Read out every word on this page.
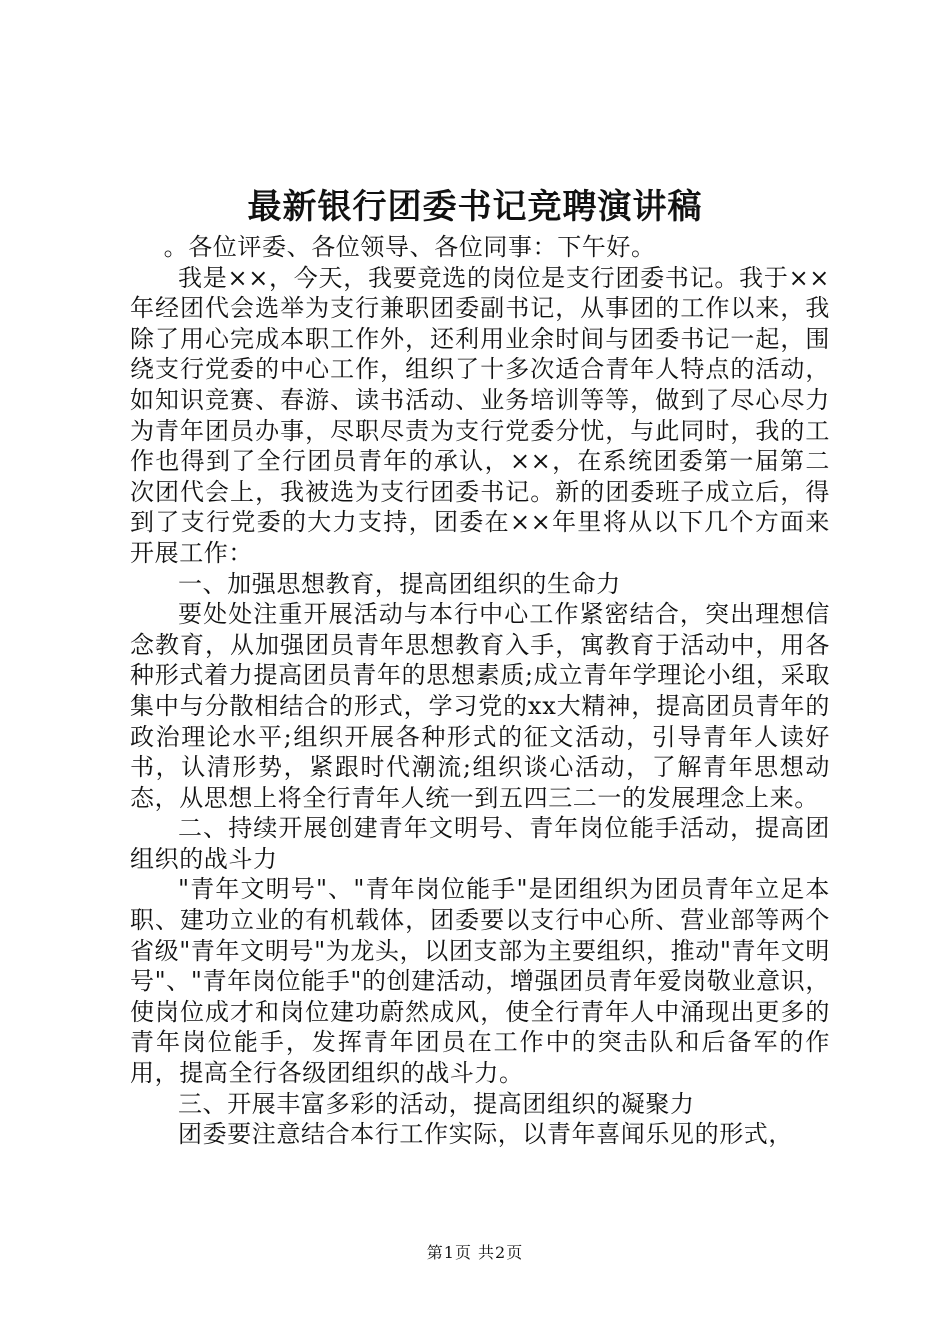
最新银行团委书记竞聘演讲稿

。各位评委、各位领导、各位同事：下午好。

我是××，今天，我要竞选的岗位是支行团委书记。我于××年经团代会选举为支行兼职团委副书记，从事团的工作以来，我除了用心完成本职工作外，还利用业余时间与团委书记一起，围绕支行党委的中心工作，组织了十多次适合青年人特点的活动，如知识竞赛、春游、读书活动、业务培训等等，做到了尽心尽力为青年团员办事，尽职尽责为支行党委分忧，与此同时，我的工作也得到了全行团员青年的承认，××，在系统团委第一届第二次团代会上，我被选为支行团委书记。新的团委班子成立后，得到了支行党委的大力支持，团委在××年里将从以下几个方面来开展工作：

一、加强思想教育，提高团组织的生命力

要处处注重开展活动与本行中心工作紧密结合，突出理想信念教育，从加强团员青年思想教育入手，寓教育于活动中，用各种形式着力提高团员青年的思想素质;成立青年学理论小组，采取集中与分散相结合的形式，学习党的xx大精神，提高团员青年的政治理论水平;组织开展各种形式的征文活动，引导青年人读好书，认清形势，紧跟时代潮流;组织谈心活动，了解青年思想动态，从思想上将全行青年人统一到五四三二一的发展理念上来。

二、持续开展创建青年文明号、青年岗位能手活动，提高团组织的战斗力

"青年文明号"、"青年岗位能手"是团组织为团员青年立足本职、建功立业的有机载体，团委要以支行中心所、营业部等两个省级"青年文明号"为龙头，以团支部为主要组织，推动"青年文明号"、"青年岗位能手"的创建活动，增强团员青年爱岗敬业意识，使岗位成才和岗位建功蔚然成风，使全行青年人中涌现出更多的青年岗位能手，发挥青年团员在工作中的突击队和后备军的作用，提高全行各级团组织的战斗力。

三、开展丰富多彩的活动，提高团组织的凝聚力

团委要注意结合本行工作实际，以青年喜闻乐见的形式，

第1页 共2页
